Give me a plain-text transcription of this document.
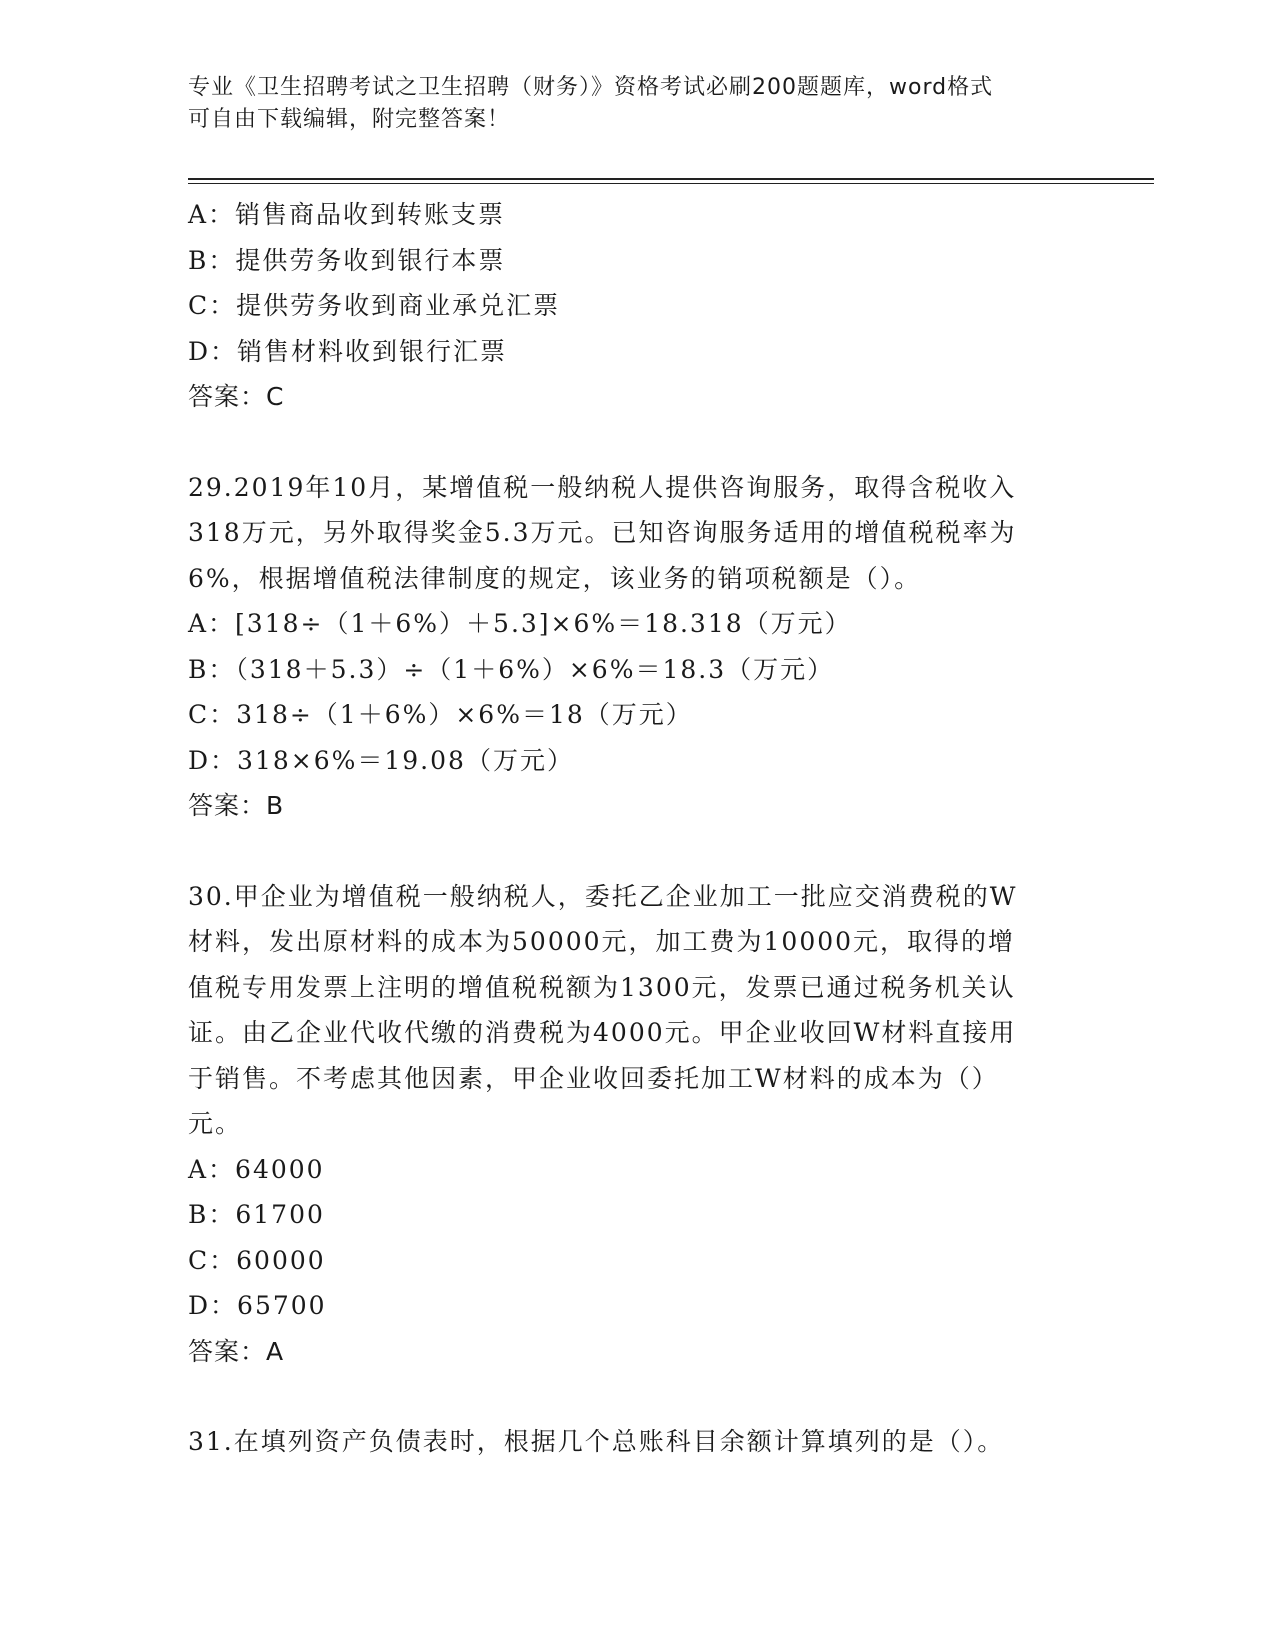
专业《卫生招聘考试之卫生招聘（财务）》资格考试必刷200题题库，word格式
可自由下载编辑，附完整答案！
A：销售商品收到转账支票
B：提供劳务收到银行本票
C：提供劳务收到商业承兑汇票
D：销售材料收到银行汇票
答案：C
29.2019年10月，某增值税一般纳税人提供咨询服务，取得含税收入
318万元，另外取得奖金5.3万元。已知咨询服务适用的增值税税率为
6%，根据增值税法律制度的规定，该业务的销项税额是（）。
A：[318÷（1＋6%）＋5.3]×6%＝18.318（万元）
B：（318＋5.3）÷（1＋6%）×6%＝18.3（万元）
C：318÷（1＋6%）×6%＝18（万元）
D：318×6%＝19.08（万元）
答案：B
30.甲企业为增值税一般纳税人，委托乙企业加工一批应交消费税的W
材料，发出原材料的成本为50000元，加工费为10000元，取得的增
值税专用发票上注明的增值税税额为1300元，发票已通过税务机关认
证。由乙企业代收代缴的消费税为4000元。甲企业收回W材料直接用
于销售。不考虑其他因素，甲企业收回委托加工W材料的成本为（）
元。
A：64000
B：61700
C：60000
D：65700
答案：A
31.在填列资产负债表时，根据几个总账科目余额计算填列的是（）。
